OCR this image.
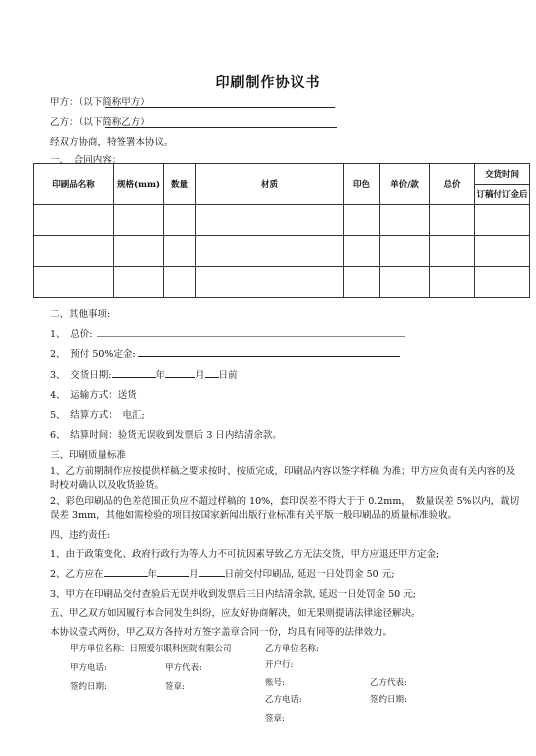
印刷制作协议书
甲方：（以下简称甲方）
乙方：（以下简称乙方）
经双方协商，特签署本协议。
一、　合同内容：
印刷品名称	规格(mm)	数量	材质	印色	单价/款	总价	交货时间
订稿付订金后

二、其他事项:
1、　总价:
2、　预付 50%定金:
3、　交货日期:	年	月 日前
4、　运输方式：送货
5、　结算方式：　电汇;
6、　结算时间：验货无误收到发票后 3 日内结清余款。
三、印刷质量标准
1、乙方前期制作应按提供样稿之要求按时、按质完成，印刷品内容以签字样稿 为准；甲方应负责有关内容的及时校对确认以及收货验货。
2、彩色印刷品的色差范围正负应不超过样稿的 10%，套印误差不得大于于 0.2mm，　数量误差 5%以内，裁切误差 3mm，其他如需检验的项目按国家新闻出版行业标准有关平版一般印刷品的质量标准验收。
四、违约责任:
1、由于政策变化、政府行政行为等人力不可抗因素导致乙方无法交货，甲方应退还甲方定金;
2、乙方应在	年	月	日前交付印刷品, 延迟一日处罚金 50 元;
3、甲方在印刷品交付查验后无误并收到发票后三日内结清余款, 延迟一日处罚金 50 元;
五、甲乙双方如因履行本合同发生纠纷，应友好协商解决，如无果则提请法律途径解决。
本协议壹式两份，甲乙双方各持对方签字盖章合同一份，均具有同等的法律效力。
甲方单位名称：日照爱尔眼科医院有限公司	乙方单位名称:
开户行:
甲方电话:	甲方代表:
账号:	乙方代表:
签约日期:	签章:
乙方电话:	签约日期:
签章:
